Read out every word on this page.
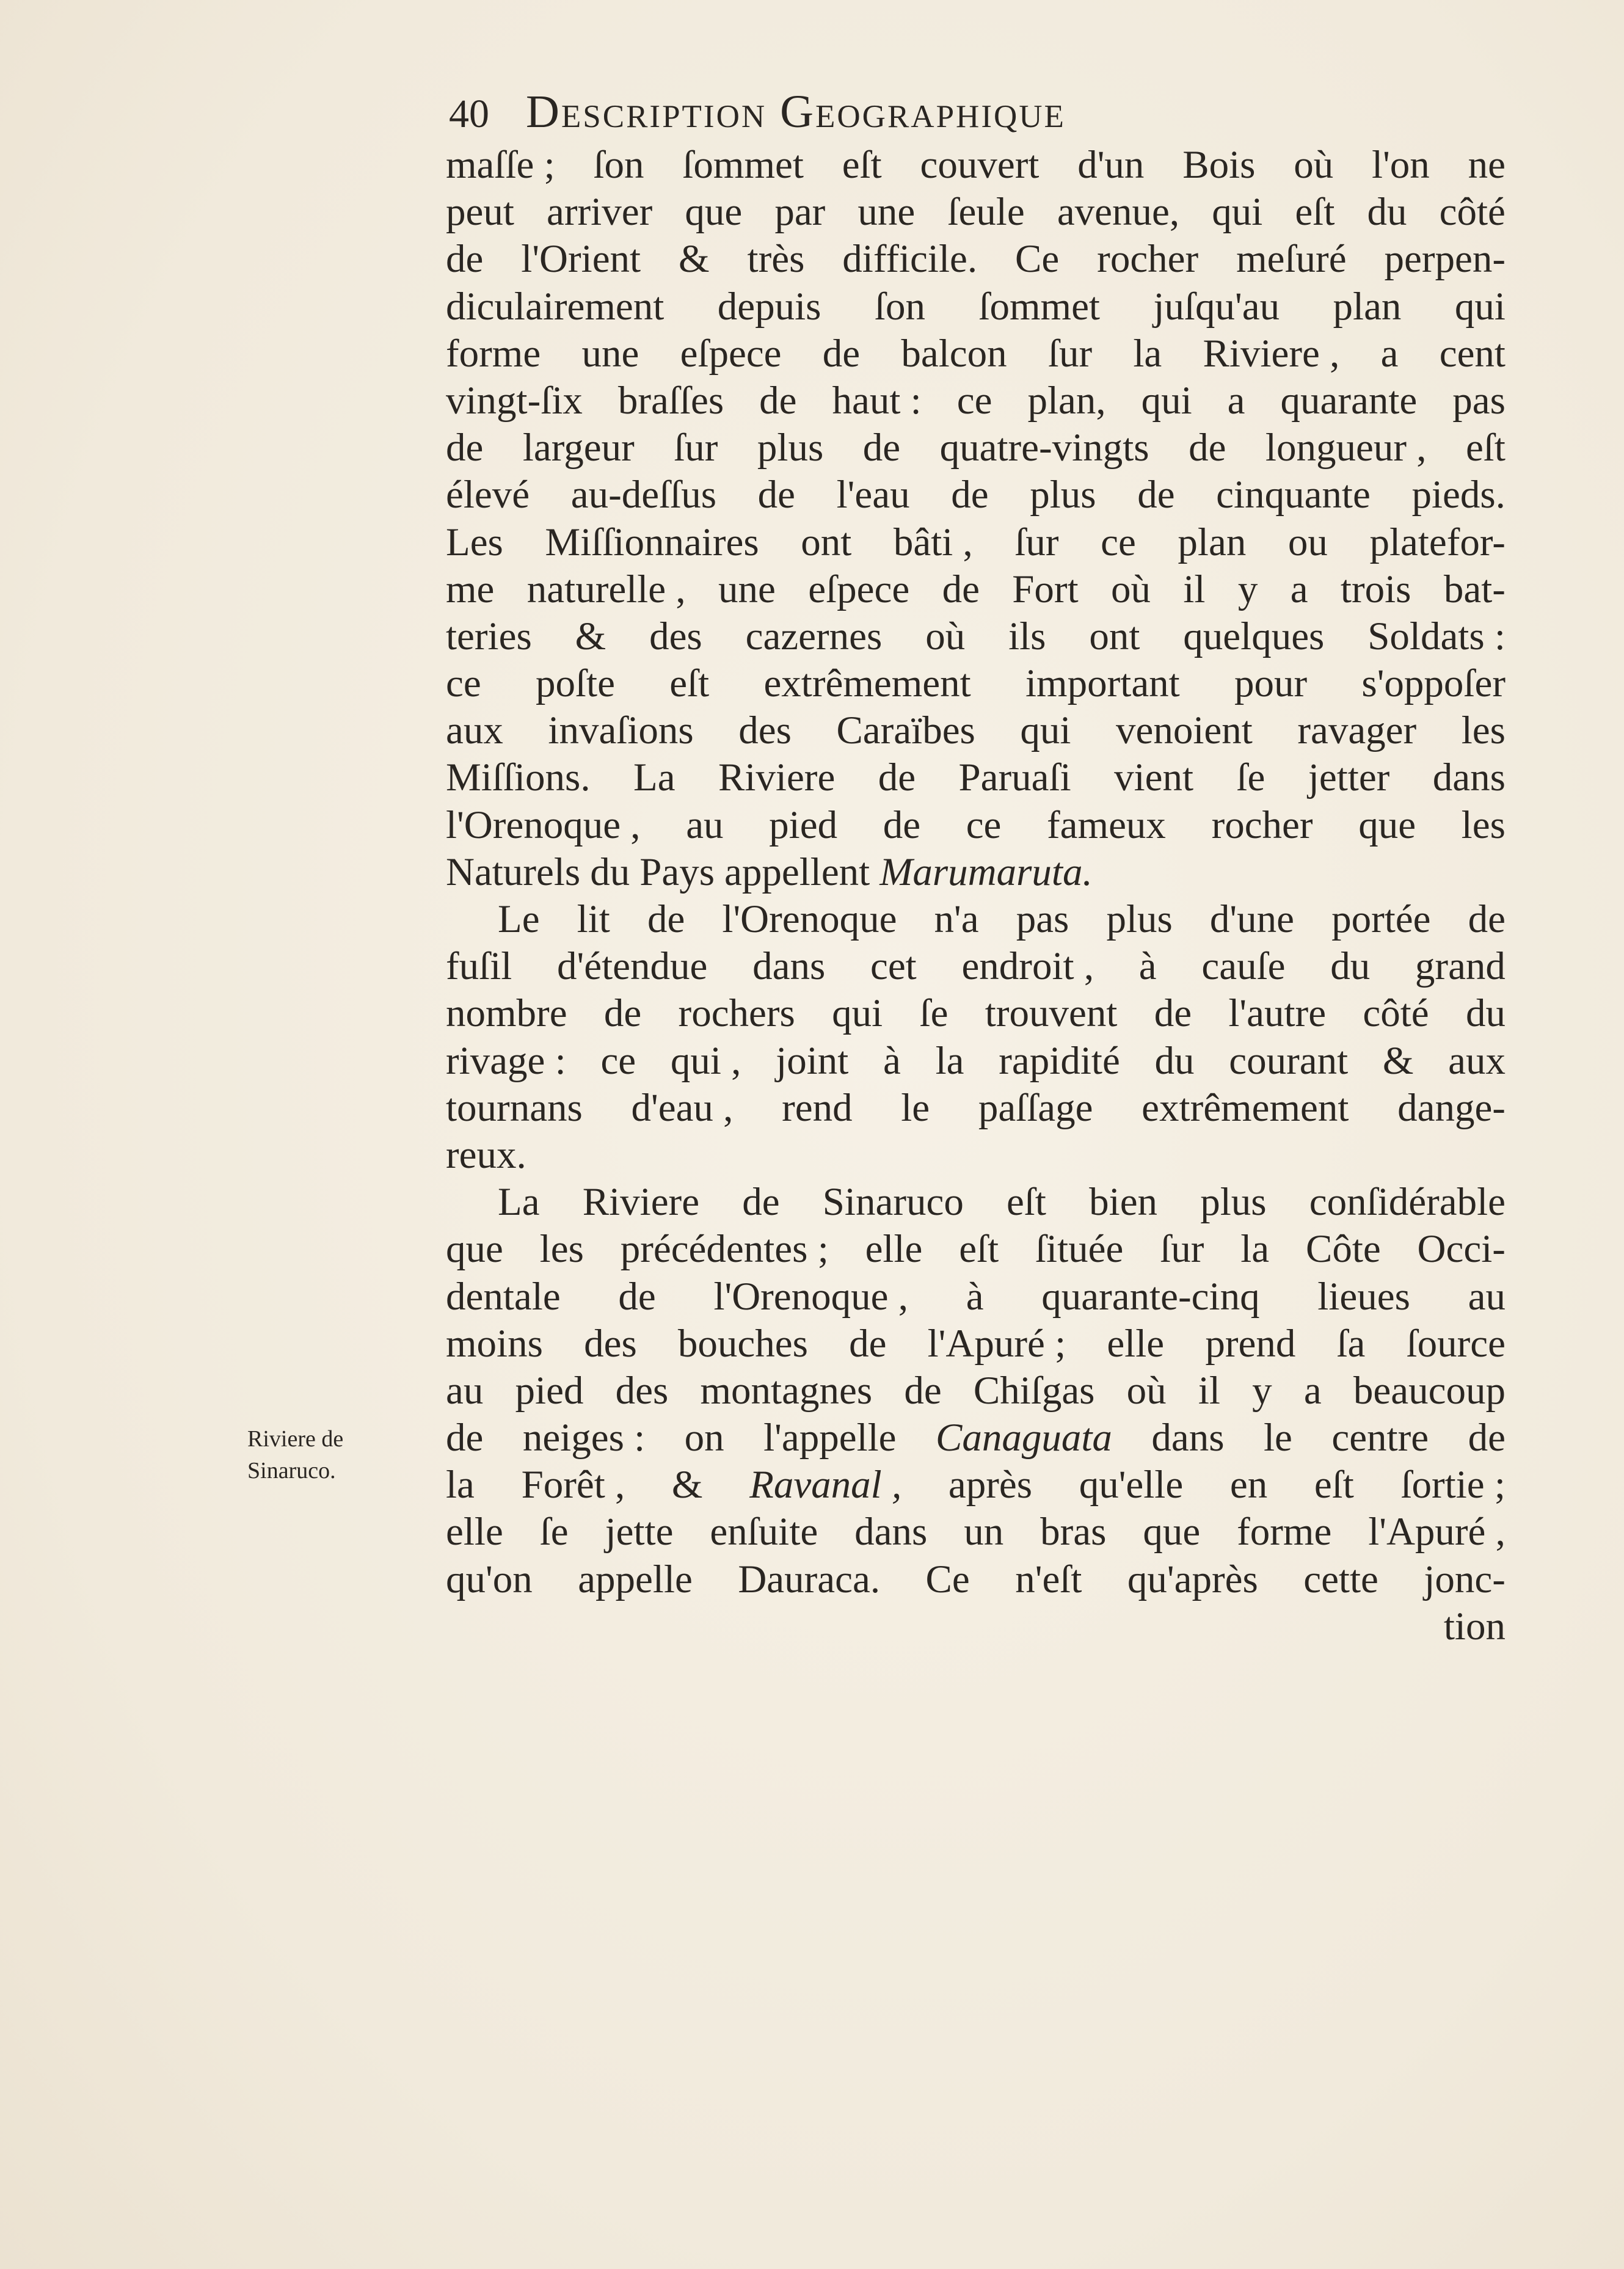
40 Description Geographique
Riviere de
Sinaruco.
maſſe ; ſon ſommet eſt couvert d'un Bois où l'on ne
peut arriver que par une ſeule avenue, qui eſt du côté
de l'Orient & très difficile. Ce rocher meſuré perpen-
diculairement depuis ſon ſommet juſqu'au plan qui
forme une eſpece de balcon ſur la Riviere , a cent
vingt-ſix braſſes de haut : ce plan, qui a quarante pas
de largeur ſur plus de quatre-vingts de longueur , eſt
élevé au-deſſus de l'eau de plus de cinquante pieds.
Les Miſſionnaires ont bâti , ſur ce plan ou platefor-
me naturelle , une eſpece de Fort où il y a trois bat-
teries & des cazernes où ils ont quelques Soldats :
ce poſte eſt extrêmement important pour s'oppoſer
aux invaſions des Caraïbes qui venoient ravager les
Miſſions. La Riviere de Paruaſi vient ſe jetter dans
l'Orenoque , au pied de ce fameux rocher que les
Naturels du Pays appellent Marumaruta.
Le lit de l'Orenoque n'a pas plus d'une portée de
fuſil d'étendue dans cet endroit , à cauſe du grand
nombre de rochers qui ſe trouvent de l'autre côté du
rivage : ce qui , joint à la rapidité du courant & aux
tournans d'eau , rend le paſſage extrêmement dange-
reux.
La Riviere de Sinaruco eſt bien plus conſidérable
que les précédentes ; elle eſt ſituée ſur la Côte Occi-
dentale de l'Orenoque , à quarante-cinq lieues au
moins des bouches de l'Apuré ; elle prend ſa ſource
au pied des montagnes de Chiſgas où il y a beaucoup
de neiges : on l'appelle Canaguata dans le centre de
la Forêt , & Ravanal , après qu'elle en eſt ſortie ;
elle ſe jette enſuite dans un bras que forme l'Apuré ,
qu'on appelle Dauraca. Ce n'eſt qu'après cette jonc-
tion
